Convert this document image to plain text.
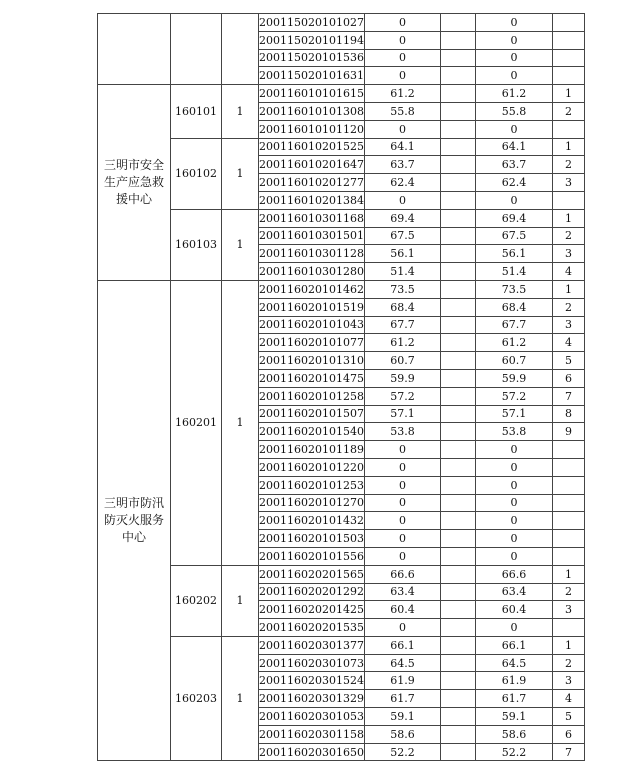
			200115020101027	0		0	
			200115020101194	0		0	
			200115020101536	0		0	
			200115020101631	0		0	
三明市安全生产应急救援中心	160101	1	200116010101615	61.2		61.2	1
			200116010101308	55.8		55.8	2
			200116010101120	0		0	
	160102	1	200116010201525	64.1		64.1	1
			200116010201647	63.7		63.7	2
			200116010201277	62.4		62.4	3
			200116010201384	0		0	
	160103	1	200116010301168	69.4		69.4	1
			200116010301501	67.5		67.5	2
			200116010301128	56.1		56.1	3
			200116010301280	51.4		51.4	4
三明市防汛防灭火服务中心	160201	1	200116020101462	73.5		73.5	1
			200116020101519	68.4		68.4	2
			200116020101043	67.7		67.7	3
			200116020101077	61.2		61.2	4
			200116020101310	60.7		60.7	5
			200116020101475	59.9		59.9	6
			200116020101258	57.2		57.2	7
			200116020101507	57.1		57.1	8
			200116020101540	53.8		53.8	9
			200116020101189	0		0	
			200116020101220	0		0	
			200116020101253	0		0	
			200116020101270	0		0	
			200116020101432	0		0	
			200116020101503	0		0	
			200116020101556	0		0	
	160202	1	200116020201565	66.6		66.6	1
			200116020201292	63.4		63.4	2
			200116020201425	60.4		60.4	3
			200116020201535	0		0	
	160203	1	200116020301377	66.1		66.1	1
			200116020301073	64.5		64.5	2
			200116020301524	61.9		61.9	3
			200116020301329	61.7		61.7	4
			200116020301053	59.1		59.1	5
			200116020301158	58.6		58.6	6
			200116020301650	52.2		52.2	7
